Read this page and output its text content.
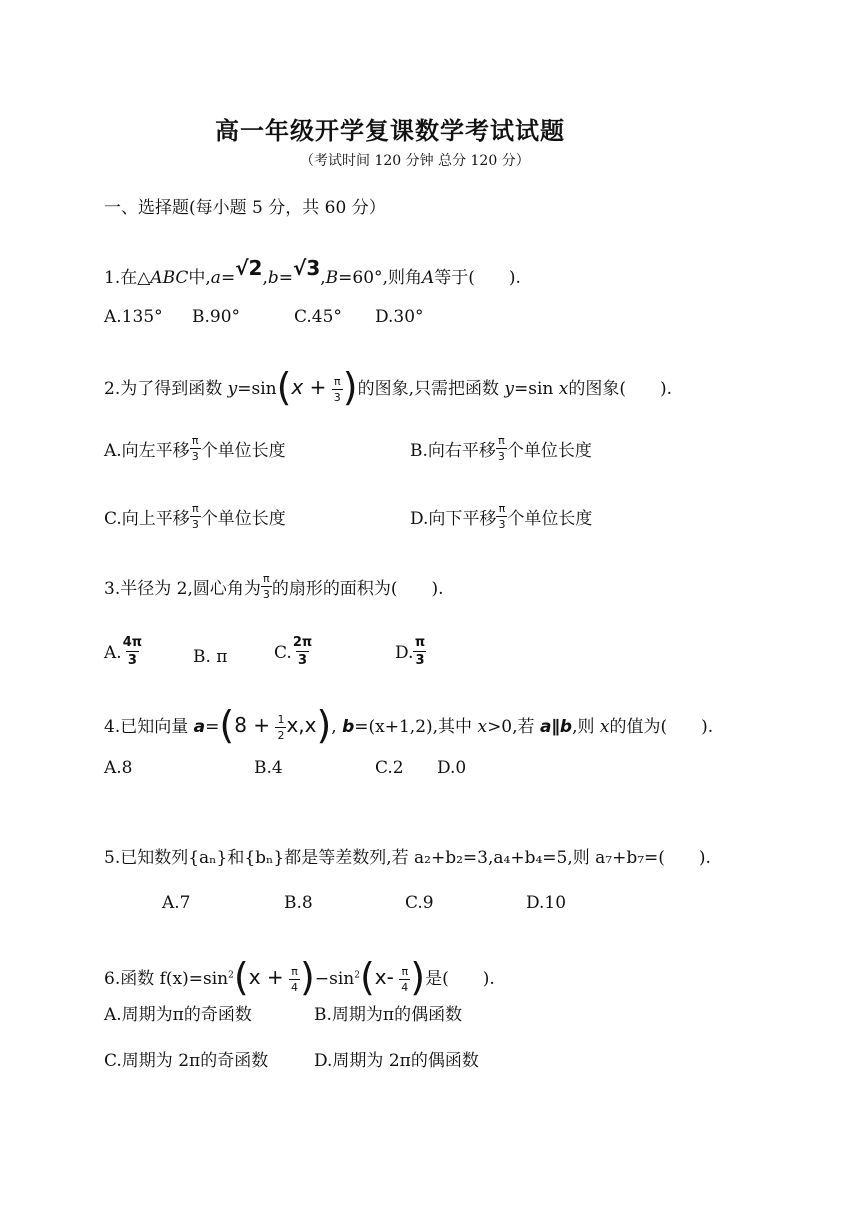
高一年级开学复课数学考试试题
（考试时间 120 分钟 总分 120 分）
一、选择题(每小题 5 分，共 60 分）
1.在△ABC中,a=√2,b=√3,B=60°,则角A等于(　　).
A.135° B.90°	C.45° D.30°
2.为了得到函数 $y=\sin(x + \frac{\pi}{3}$ )的图象,只需把函数 y=sin x的图象(　　).
A.向左平移 $\frac{\pi}{3}$ 个单位长度	B.向右平移 $\frac{\pi}{3}$ 个单位长度
C.向上平移 $\frac{\pi}{3}$ 个单位长度	D.向下平移 $\frac{\pi}{3}$ 个单位长度
3.半径为 2,圆心角为 $\frac{\pi}{3}$ 的扇形的面积为(　　).
A. $\frac{4\pi}{3}$	B. π	C. $\frac{2\pi}{3}$	D. $\frac{\pi}{3}$
4.已知向量 $a=(8 + \frac{1}{2} x,x)$, b=(x+1,2),其中 x>0,若 a∥b,则 x的值为(　　).
A.8	B.4	C.2 D.0
5.已知数列{aₙ}和{bₙ}都是等差数列,若 a₂+b₂=3,a₄+b₄=5,则 a₇+b₇=(　　).
A.7	B.8	C.9	D.10
6.函数 $f(x)=\sin^2(x + \frac{\pi}{4} )-\sin^2(x- \frac{\pi}{4}$ )是(　　).
A.周期为π的奇函数	B.周期为π的偶函数
C.周期为 2π的奇函数	D.周期为 2π的偶函数
